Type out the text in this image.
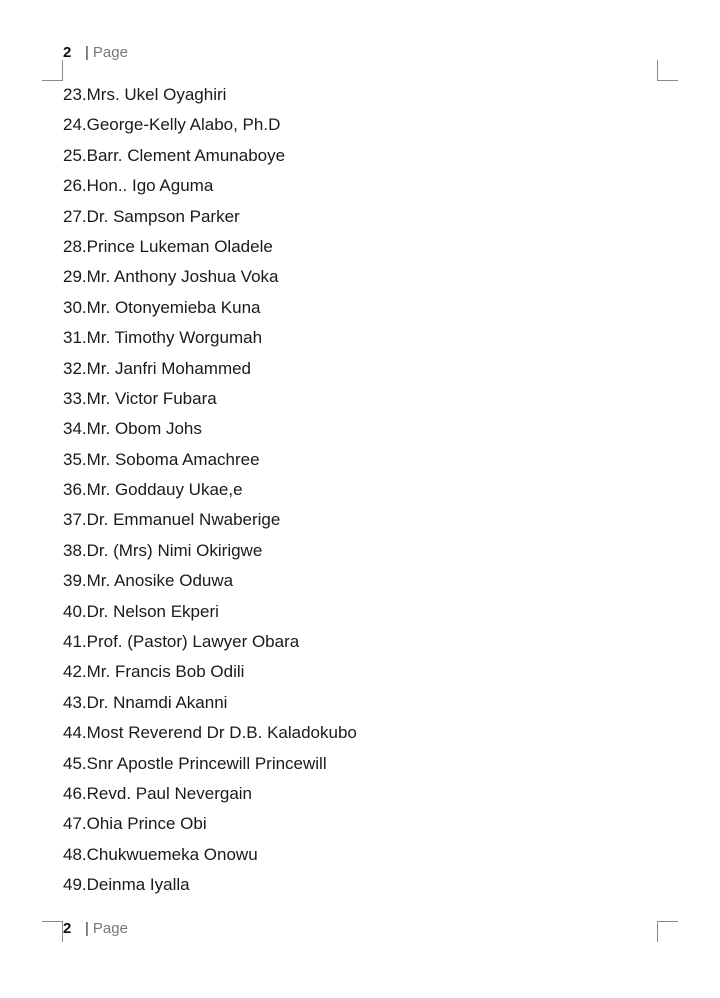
2 | Page
23.Mrs. Ukel Oyaghiri
24.George-Kelly Alabo, Ph.D
25.Barr. Clement Amunaboye
26.Hon.. Igo Aguma
27.Dr. Sampson Parker
28.Prince Lukeman Oladele
29.Mr. Anthony Joshua Voka
30.Mr. Otonyemieba Kuna
31.Mr. Timothy Worgumah
32.Mr. Janfri Mohammed
33.Mr. Victor Fubara
34.Mr. Obom Johs
35.Mr. Soboma Amachree
36.Mr. Goddauy Ukae,e
37.Dr. Emmanuel Nwaberige
38.Dr. (Mrs) Nimi Okirigwe
39.Mr. Anosike Oduwa
40.Dr. Nelson Ekperi
41.Prof. (Pastor) Lawyer Obara
42.Mr. Francis Bob Odili
43.Dr. Nnamdi Akanni
44.Most Reverend Dr D.B. Kaladokubo
45.Snr Apostle Princewill Princewill
46.Revd. Paul Nevergain
47.Ohia Prince Obi
48.Chukwuemeka Onowu
49.Deinma Iyalla
2 | Page
